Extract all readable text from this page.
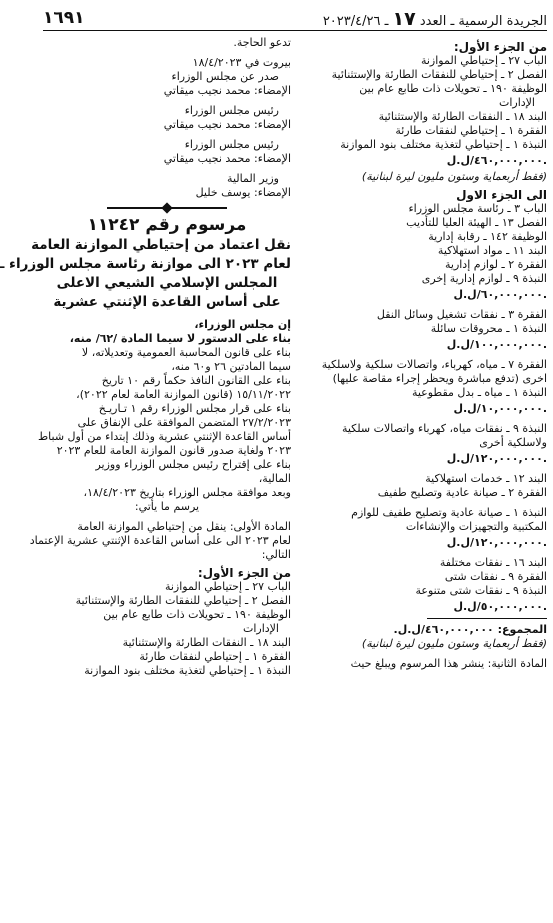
الجريدة الرسمية ـ العدد ١٧ ـ ٢٠٢٣/٤/٢٦
١٦٩١
من الجزء الأول:
الباب ٢٧ ـ إحتياطي الموازنة
الفصل ٢ ـ إحتياطي للنفقات الطارئة والإستثنائية
الوظيفة ١٩٠ ـ تحويلات ذات طابع عام بين
الإدارات
البند ١٨ ـ النفقات الطارئة والإستثنائية
الفقرة ١ ـ إحتياطي لنفقات طارئة
النبذة ١ ـ إحتياطي لتغذية مختلف بنود الموازنة
٤٦٠,٠٠٠,٠٠٠/ل.ل.
(فقط أربعماية وستون مليون ليرة لبنانية)
الى الجزء الاول
الباب ٣ ـ رئاسة مجلس الوزراء
الفصل ١٣ ـ الهيئة العليا للتأديب
الوظيفة ١٤٢ ـ رقابة إدارية
البند ١١ ـ مواد استهلاكية
الفقرة ٢ ـ لوازم إدارية
النبذة ٩ ـ لوازم إدارية إخرى
٦٠,٠٠٠,٠٠٠/ل.ل.
الفقرة ٣ ـ نفقات تشغيل وسائل النقل
النبذة ١ ـ محروقات سائلة
١٠٠,٠٠٠,٠٠٠/ل.ل.
الفقرة ٧ ـ مياه، كهرباء، واتصالات سلكية ولاسلكية
اخرى (تدفع مباشرة ويحظر إجراء مقاصة عليها)
النبذة ١ ـ مياه ـ بدل مقطوعية
١٠,٠٠٠,٠٠٠/ل.ل.
النبذة ٩ ـ نفقات مياه، كهرباء واتصالات سلكية
ولاسلكية أخرى
١٢٠,٠٠٠,٠٠٠/ل.ل.
البند ١٢ ـ خدمات استهلاكية
الفقرة ٢ ـ صيانة عادية وتصليح طفيف
النبذة ١ ـ صيانة عادية وتصليح طفيف للوازم
المكتبية والتجهيزات والإنشاءات
١٢٠,٠٠٠,٠٠٠/ل.ل.
البند ١٦ ـ نفقات مختلفة
الفقرة ٩ ـ نفقات شتى
النبذة ٩ ـ نفقات شتى متنوعة
٥٠,٠٠٠,٠٠٠/ل.ل.
المجموع: ٤٦٠,٠٠٠,٠٠٠/ل.ل.
(فقط أربعماية وستون مليون ليرة لبنانية)
المادة الثانية: ينشر هذا المرسوم ويبلغ حيث
تدعو الحاجة.
بيروت في ١٨/٤/٢٠٢٣
صدر عن مجلس الوزراء
الإمضاء: محمد نجيب ميقاتي
رئيس مجلس الوزراء
الإمضاء: محمد نجيب ميقاتي
رئيس مجلس الوزراء
الإمضاء: محمد نجيب ميقاتي
وزير المالية
الإمضاء: يوسف خليل
مرسوم رقم ١١٢٤٢
نقل اعتماد من إحتياطي الموازنة العامة
لعام ٢٠٢٣ الى موازنة رئاسة مجلس الوزراء ـ
المجلس الإسلامي الشيعي الاعلى
على أساس القاعدة الإثنتي عشرية
إن مجلس الوزراء،
بناء على الدستور لا سيما المادة /٦٢/ منه،
بناء على قانون المحاسبة العمومية وتعديلاته، لا
سيما المادتين ٢٦ و٦٠ منه،
بناء على القانون النافذ حكماً رقم ١٠ تاريخ
١٥/١١/٢٠٢٢ (قانون الموازنة العامة لعام ٢٠٢٢)،
بناء على قرار مجلس الوزراء رقم ١ تـاريـخ
٢٧/٢/٢٠٢٣ المتضمن الموافقة على الإنفاق على
أساس القاعدة الإثنتي عشرية وذلك إبتداء من أول شباط
٢٠٢٣ ولغاية صدور قانون الموازنة العامة للعام ٢٠٢٣
بناء على إقتراح رئيس مجلس الوزراء ووزير
المالية،
وبعد موافقة مجلس الوزراء بتاريخ ١٨/٤/٢٠٢٣،
يرسم ما يأتي:
المادة الأولى: ينقل من إحتياطي الموازنة العامة
لعام ٢٠٢٣ الى على أساس القاعدة الإثنتي عشرية الإعتماد
التالي:
من الجزء الأول:
الباب ٢٧ ـ إحتياطي الموازنة
الفصل ٢ ـ إحتياطي للنفقات الطارئة والإستثنائية
الوظيفة ١٩٠ ـ تحويلات ذات طابع عام بين
الإدارات
البند ١٨ ـ النفقات الطارئة والإستثنائية
الفقرة ١ ـ إحتياطي لنفقات طارئة
النبذة ١ ـ إحتياطي لتغذية مختلف بنود الموازنة
